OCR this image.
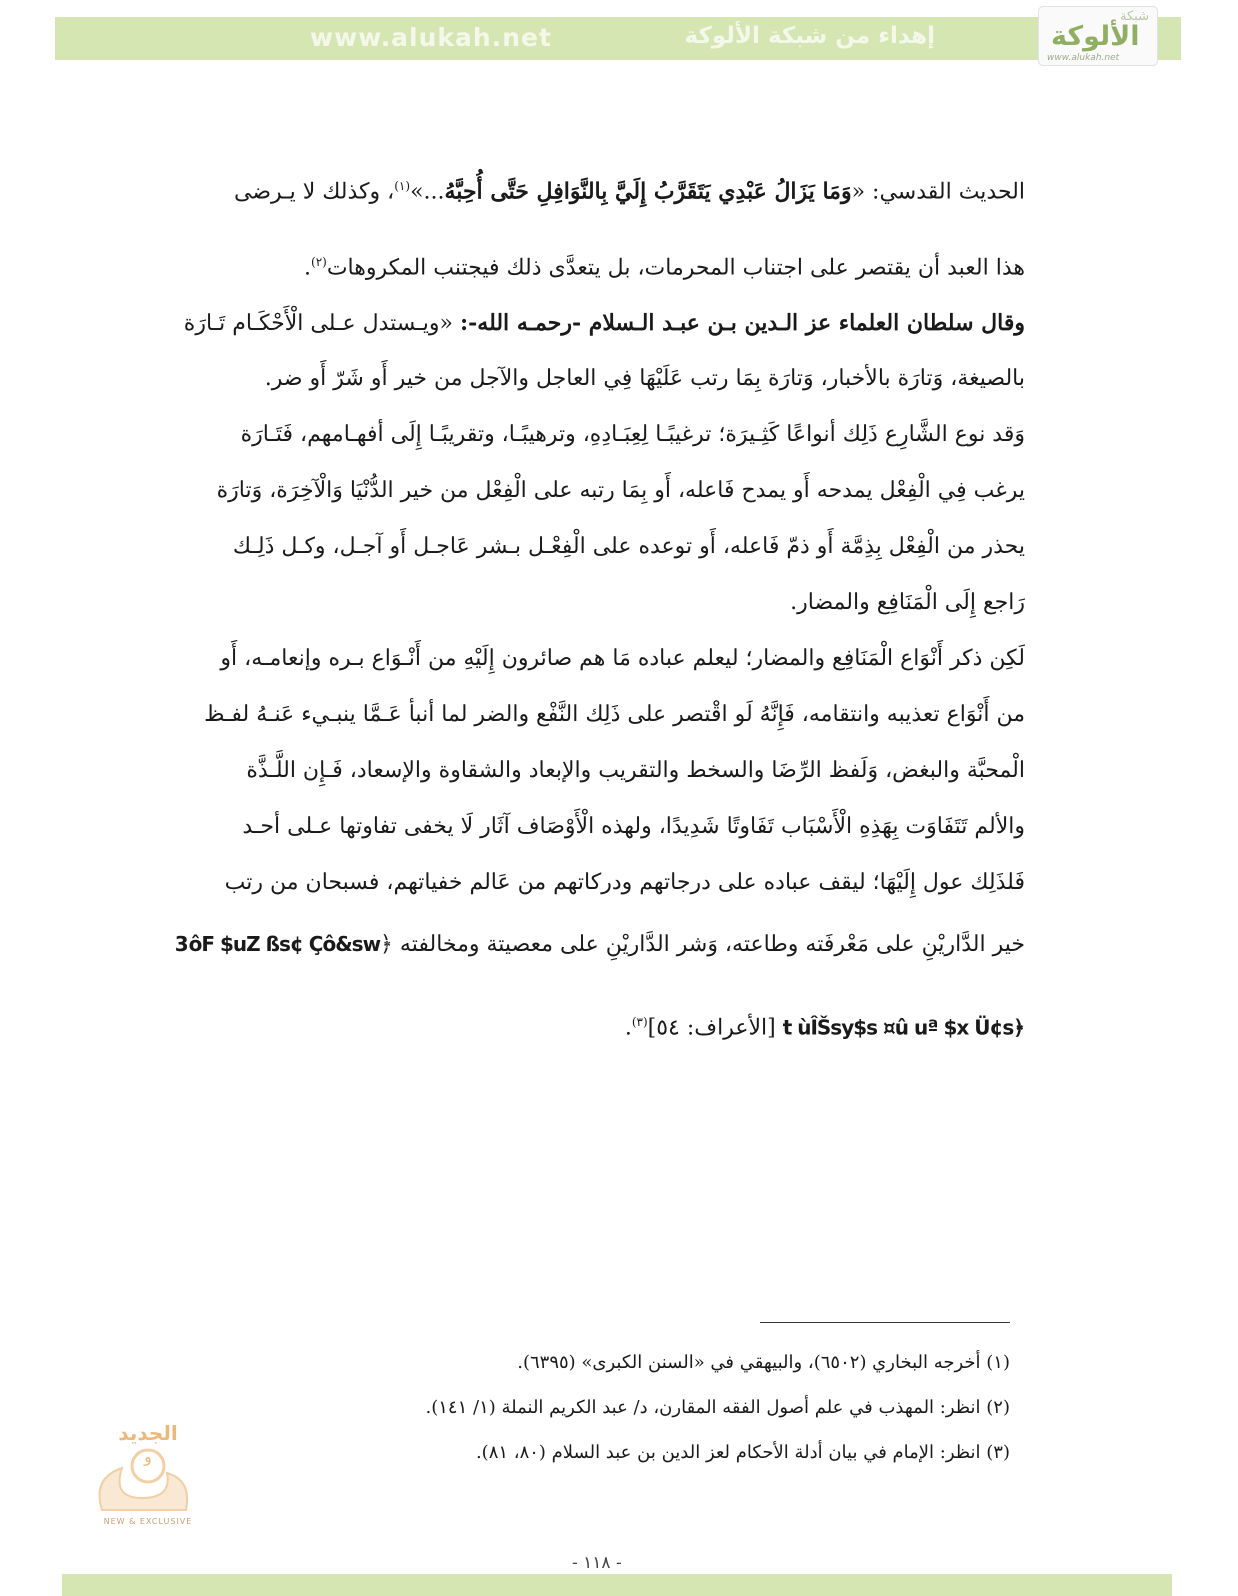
www.alukah.net	إهداء من شبكة الألوكة
شبكة
الألوكة
www.alukah.net

الحديث القدسي: «وَمَا يَزَالُ عَبْدِي يَتَقَرَّبُ إِلَيَّ بِالنَّوَافِلِ حَتَّى أُحِبَّهُ...»$^{(١)}$، وكذلك لا يـرضى

هذا العبد أن يقتصر على اجتناب المحرمات، بل يتعدَّى ذلك فيجتنب المكروهات$^{(٢)}$.

وقال سلطان العلماء عز الـدين بـن عبـد الـسلام -رحمـه الله-: «ويـستدل عـلى الْأَحْكَـام تَـارَة

بالصيغة، وَتارَة بالأخبار، وَتارَة بِمَا رتب عَلَيْهَا فِي العاجل والآجل من خير أَو شَرّ أَو ضر.

وَقد نوع الشَّارِع ذَلِك أنواعًا كَثِـيرَة؛ ترغيبًـا لِعِبَـادِهِ، وترهيبًـا، وتقريبًـا إِلَى أفهـامهم، فَتَـارَة

يرغب فِي الْفِعْل يمدحه أَو يمدح فَاعله، أَو بِمَا رتبه على الْفِعْل من خير الدُّنْيَا وَالْآخِرَة، وَتارَة

يحذر من الْفِعْل بِذِمَّة أَو ذمّ فَاعله، أَو توعده على الْفِعْـل بـشر عَاجـل أَو آجـل، وكـل ذَلِـك

رَاجع إِلَى الْمَنَافِع والمضار.

لَكِن ذكر أَنْوَاع الْمَنَافِع والمضار؛ ليعلم عباده مَا هم صائرون إِلَيْهِ من أَنْـوَاع بـره وإنعامـه، أَو

من أَنْوَاع تعذيبه وانتقامه، فَإِنَّهُ لَو اقْتصر على ذَلِك النَّفْع والضر لما أنبأ عَـمَّا ينبـيء عَنـهُ لفـظ

الْمحبَّة والبغض، وَلَفظ الرِّضَا والسخط والتقريب والإبعاد والشقاوة والإسعاد، فَـإِن اللَّـذَّة

والألم تَتَفَاوَت بِهَذِهِ الْأَسْبَاب تَفَاوتًا شَدِيدًا، ولهذه الْأَوْصَاف آثَار لَا يخفى تفاوتها عـلى أحـد

فَلذَلِك عول إِلَيْهَا؛ ليقف عباده على درجاتهم ودركاتهم من عَالم خفياتهم، فسبحان من رتب

خير الدَّاريْنِ على مَعْرفَته وطاعته، وَشر الدَّاريْنِ على معصيتة ومخالفته ﴿3ôF $uZ ßs¢ Çô&sw

﴿t ùÎŠsy$s ¤û uª $x Ü¢s [الأعراف: ٥٤]$^{(٣)}$.

(١) أخرجه البخاري (٦٥٠٢)، والبيهقي في «السنن الكبرى» (٦٣٩٥).
(٢) انظر: المهذب في علم أصول الفقه المقارن، د/ عبد الكريم النملة (١/ ١٤١).
(٣) انظر: الإمام في بيان أدلة الأحكام لعز الدين بن عبد السلام (٨٠، ٨١).
الجديد
و
NEW & EXCLUSIVE
- ١١٨ -
